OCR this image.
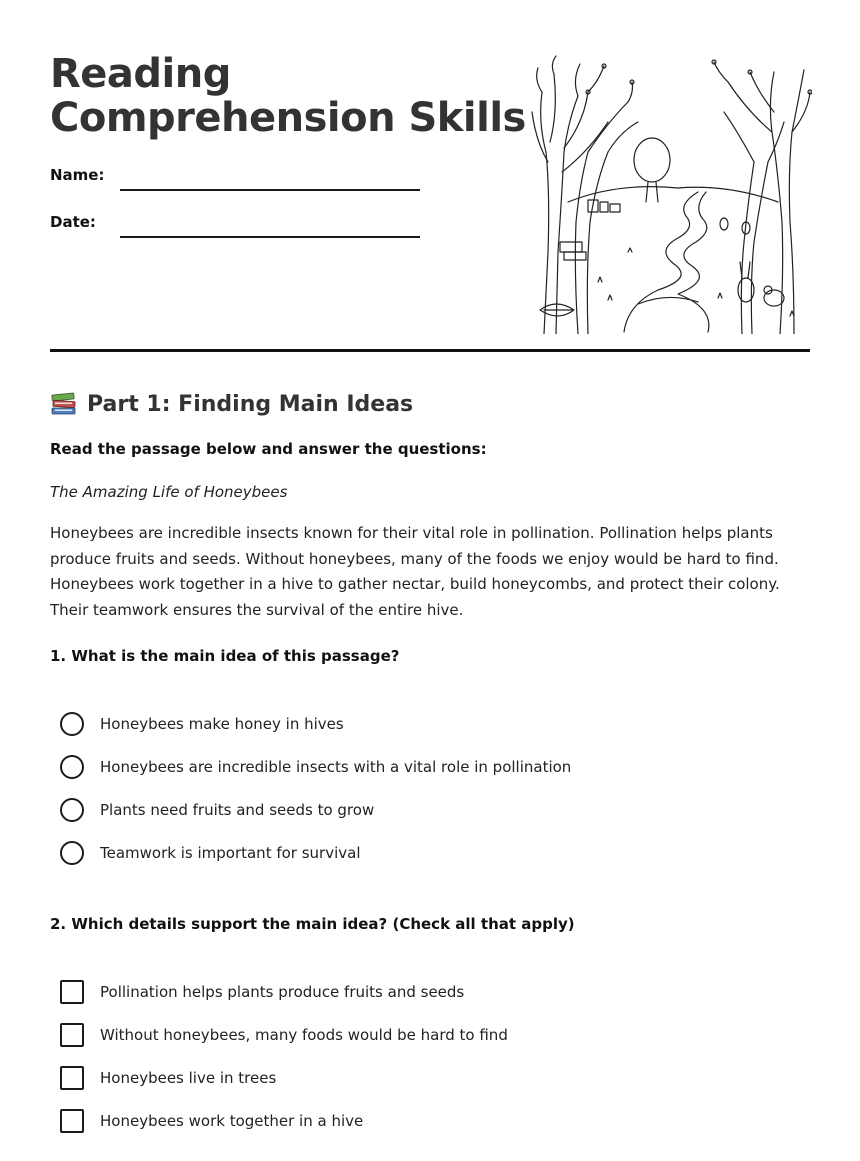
Reading
Comprehension Skills
Name:
Date:
Part 1: Finding Main Ideas
Read the passage below and answer the questions:
The Amazing Life of Honeybees

Honeybees are incredible insects known for their vital role in pollination. Pollination helps plants produce fruits and seeds. Without honeybees, many of the foods we enjoy would be hard to find. Honeybees work together in a hive to gather nectar, build honeycombs, and protect their colony. Their teamwork ensures the survival of the entire hive.

1. What is the main idea of this passage?
Honeybees make honey in hives
Honeybees are incredible insects with a vital role in pollination
Plants need fruits and seeds to grow
Teamwork is important for survival
2. Which details support the main idea? (Check all that apply)
Pollination helps plants produce fruits and seeds
Without honeybees, many foods would be hard to find
Honeybees live in trees
Honeybees work together in a hive
